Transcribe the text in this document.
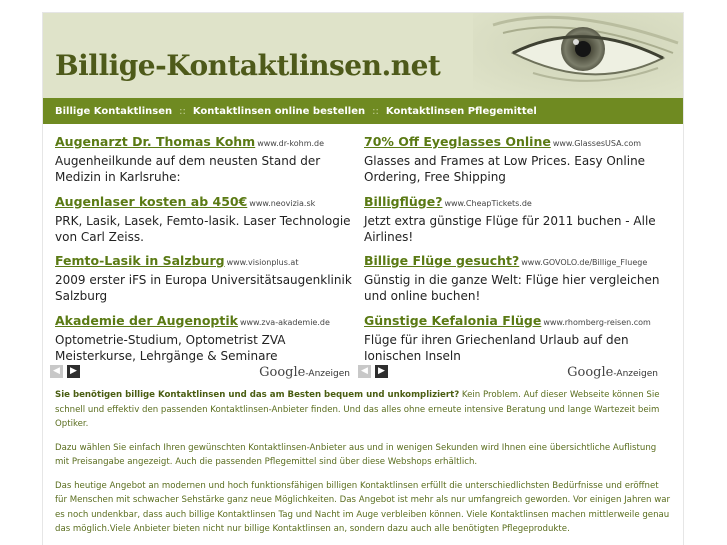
Billige-Kontaktlinsen.net
Billige Kontaktlinsen :: Kontaktlinsen online bestellen :: Kontaktlinsen Pflegemittel
Augenarzt Dr. Thomas Kohm www.dr-kohm.de
Augenheilkunde auf dem neusten Stand der Medizin in Karlsruhe:
Augenlaser kosten ab 450€ www.neovizia.sk
PRK, Lasik, Lasek, Femto-lasik. Laser Technologie von Carl Zeiss.
Femto-Lasik in Salzburg www.visionplus.at
2009 erster iFS in Europa Universitätsaugenklinik Salzburg
Akademie der Augenoptik www.zva-akademie.de
Optometrie-Studium, Optometrist ZVA Meisterkurse, Lehrgänge & Seminare
70% Off Eyeglasses Online www.GlassesUSA.com
Glasses and Frames at Low Prices. Easy Online Ordering, Free Shipping
Billigflüge? www.CheapTickets.de
Jetzt extra günstige Flüge für 2011 buchen - Alle Airlines!
Billige Flüge gesucht? www.GOVOLO.de/Billige_Fluege
Günstig in die ganze Welt: Flüge hier vergleichen und online buchen!
Günstige Kefalonia Flüge www.rhomberg-reisen.com
Flüge für ihren Griechenland Urlaub auf den Ionischen Inseln
◀	▶	Google-Anzeigen	◀	▶	Google-Anzeigen

Sie benötigen billige Kontaktlinsen und das am Besten bequem und unkompliziert? Kein Problem. Auf dieser Webseite können Sie schnell und effektiv den passenden Kontaktlinsen-Anbieter finden. Und das alles ohne erneute intensive Beratung und lange Wartezeit beim Optiker.

Dazu wählen Sie einfach Ihren gewünschten Kontaktlinsen-Anbieter aus und in wenigen Sekunden wird Ihnen eine übersichtliche Auflistung mit Preisangabe angezeigt. Auch die passenden Pflegemittel sind über diese Webshops erhältlich.

Das heutige Angebot an modernen und hoch funktionsfähigen billigen Kontaktlinsen erfüllt die unterschiedlichsten Bedürfnisse und eröffnet für Menschen mit schwacher Sehstärke ganz neue Möglichkeiten. Das Angebot ist mehr als nur umfangreich geworden. Vor einigen Jahren war es noch undenkbar, dass auch billige Kontaktlinsen Tag und Nacht im Auge verbleiben können. Viele Kontaktlinsen machen mittlerweile genau das möglich.Viele Anbieter bieten nicht nur billige Kontaktlinsen an, sondern dazu auch alle benötigten Pflegeprodukte.
